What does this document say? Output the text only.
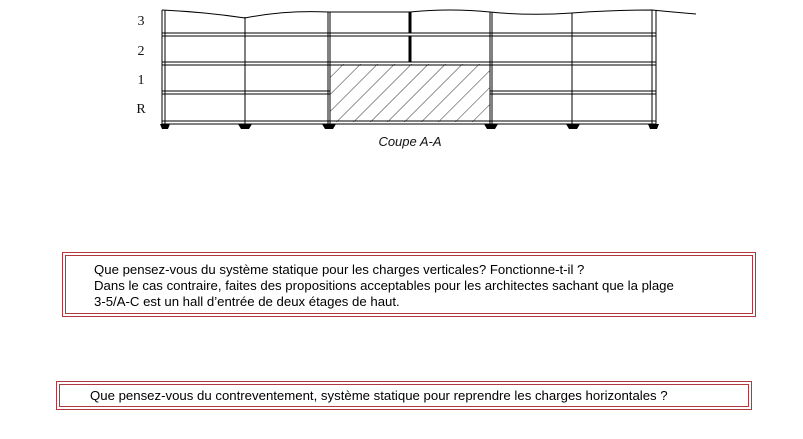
3
2
1
R
Coupe A-A
Que pensez-vous du système statique pour les charges verticales? Fonctionne-t-il ?
Dans le cas contraire, faites des propositions acceptables pour les architectes sachant que la plage
3-5/A-C est un hall d’entrée de deux étages de haut.
Que pensez-vous du contreventement, système statique pour reprendre les charges horizontales ?
